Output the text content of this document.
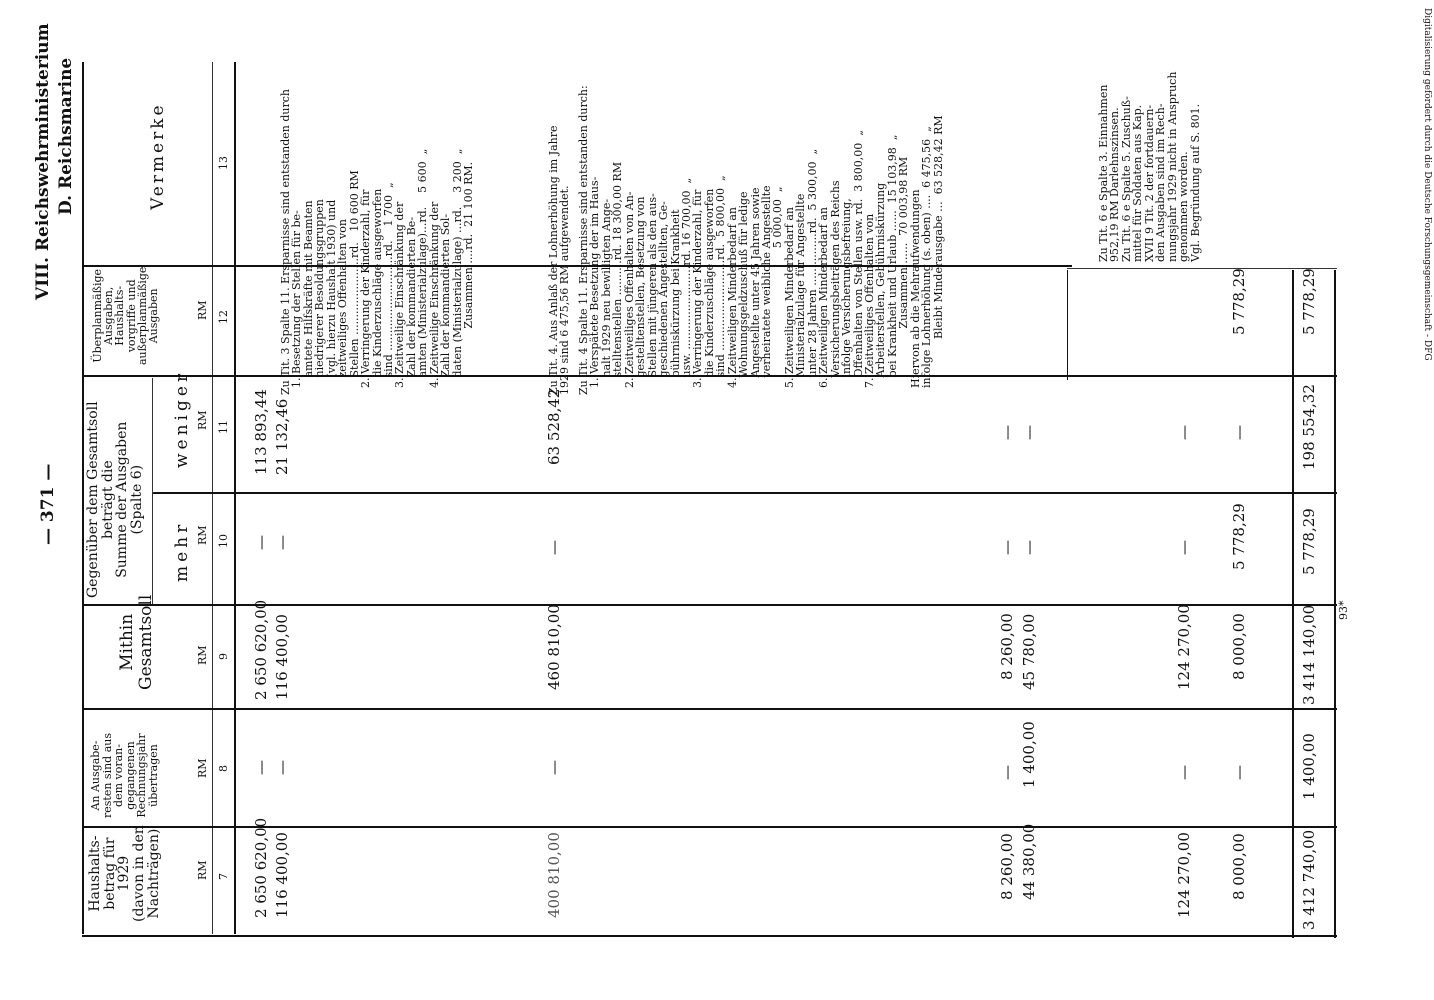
— 371 —
VIII. Reichswehrministerium D. Reichsmarine
93*
Digitalisierung gefördert durch die Deutsche Forschungsgemeinschaft - DFG
Haushalts-
betrag für
1929
(davon in den
Nachträgen)
An Ausgabe-
resten sind aus
dem voran-
gegangenen
Rechnungsjahr
übertragen
Mithin
Gesamtsoll
Gegenüber dem Gesamtsoll
beträgt die
Summe der Ausgaben
(Spalte 6)
mehr
weniger
Überplanmäßige
Ausgaben,
Haushalts-
vorgriffe und
außerplanmäßige
Ausgaben
Vermerke
RM
RM
RM
RM
RM
RM
7
8
9
10
11
12
13
2 650 620,00
—
2 650 620,00
—
113 893,44
116 400,00
—
116 400,00
—
21 132,46
400 810,00
—
460 810,00
—
63 528,42
8 260,00
—
8 260,00
—
—
44 380,00
1 400,00
45 780,00
—
—
124 270,00
—
124 270,00
—
—
8 000,00
—
8 000,00
5 778,29
—
5 778,29
3 412 740,00
1 400,00
3 414 140,00
5 778,29
198 554,32
5 778,29
Zu Tit. 3 Spalte 11. Ersparnisse sind entstanden durch
1. Besetzung der Stellen für be-
amtete Hilfskräfte mit Beamten
niedrigerer Besoldungsgruppen
(vgl. hierzu Haushalt 1930) und
zeitweiliges Offenhalten von
Stellen ......................rd.   10 600 RM
2. Verringerung der Kinderzahl, für
die Kinderzuschläge ausgeworfen
sind ...........................rd.    1 700  „
3. Zeitweilige Einschränkung der
Zahl der kommandierten Be-
amten (Ministerialzulage)...rd.    5 600  „
4. Zeitweilige Einschränkung der
Zahl der kommandierten Sol-
daten (Ministerialzulage) ...rd.    3 200  „
Zusammen ....rd.  21 100 RM.
Zu Tit. 4. Aus Anlaß der Lohnerhöhung im Jahre
1929 sind 6 475,56 RM aufgewendet.
Zu Tit. 4 Spalte 11. Ersparnisse sind entstanden durch:
1. Verspätete Besetzung der im Haus-
halt 1929 neu bewilligten Ange-
stelltenstellen ..........rd. 18 300,00 RM
2. Zeitweiliges Offenhalten von An-
gestelltenstellen, Besetzung von
Stellen mit jüngeren als den aus-
geschiedenen Angestellten, Ge-
bührniskürzung bei Krankheit
usw. ........................rd. 16 700,00  „
3. Verringerung der Kinderzahl, für
die Kinderzuschläge ausgeworfen
sind ..........................rd.  5 800,00  „
4. Zeitweiligen Minderbedarf an
Wohnungsgeldzuschuß für ledige
Angestellte unter 45 Jahren sowie
verheiratete weibliche Angestellte
5 000,00  „
5. Zeitweiligen Minderbedarf an
Ministerialzulage für Angestellte
unter 28 Jahren ...............rd.  5 300,00  „
6. Zeitweiligen Minderbedarf an
Versicherungsbeiträgen des Reichs
infolge Versicherungsbefreiung,
Offenhalten von Stellen usw. rd.  3 800,00  „
7. Zeitweiliges Offenhalten von
Arbeiterstellen, Gebührniskürzung
bei Krankheit und Urlaub ......  15 103,98  „
Zusammen ......  70 003,98 RM
Hiervon ab die Mehraufwendungen
infolge Lohnerhöhung (s. oben) ....  6 475,56  „
Bleibt Minderausgabe ...  63 528,42 RM
Zu Tit. 6 e Spalte 3. Einnahmen
952,19 RM Darlehnszinsen.
Zu Tit. 6 e Spalte 5. Zuschuß-
mittel für Soldaten aus Kap.
XVII 9 Tit. 2 der fortdauern-
den Ausgaben sind im Rech-
nungsjahr 1929 nicht in Anspruch
genommen worden.
Vgl. Begründung auf S. 801.
